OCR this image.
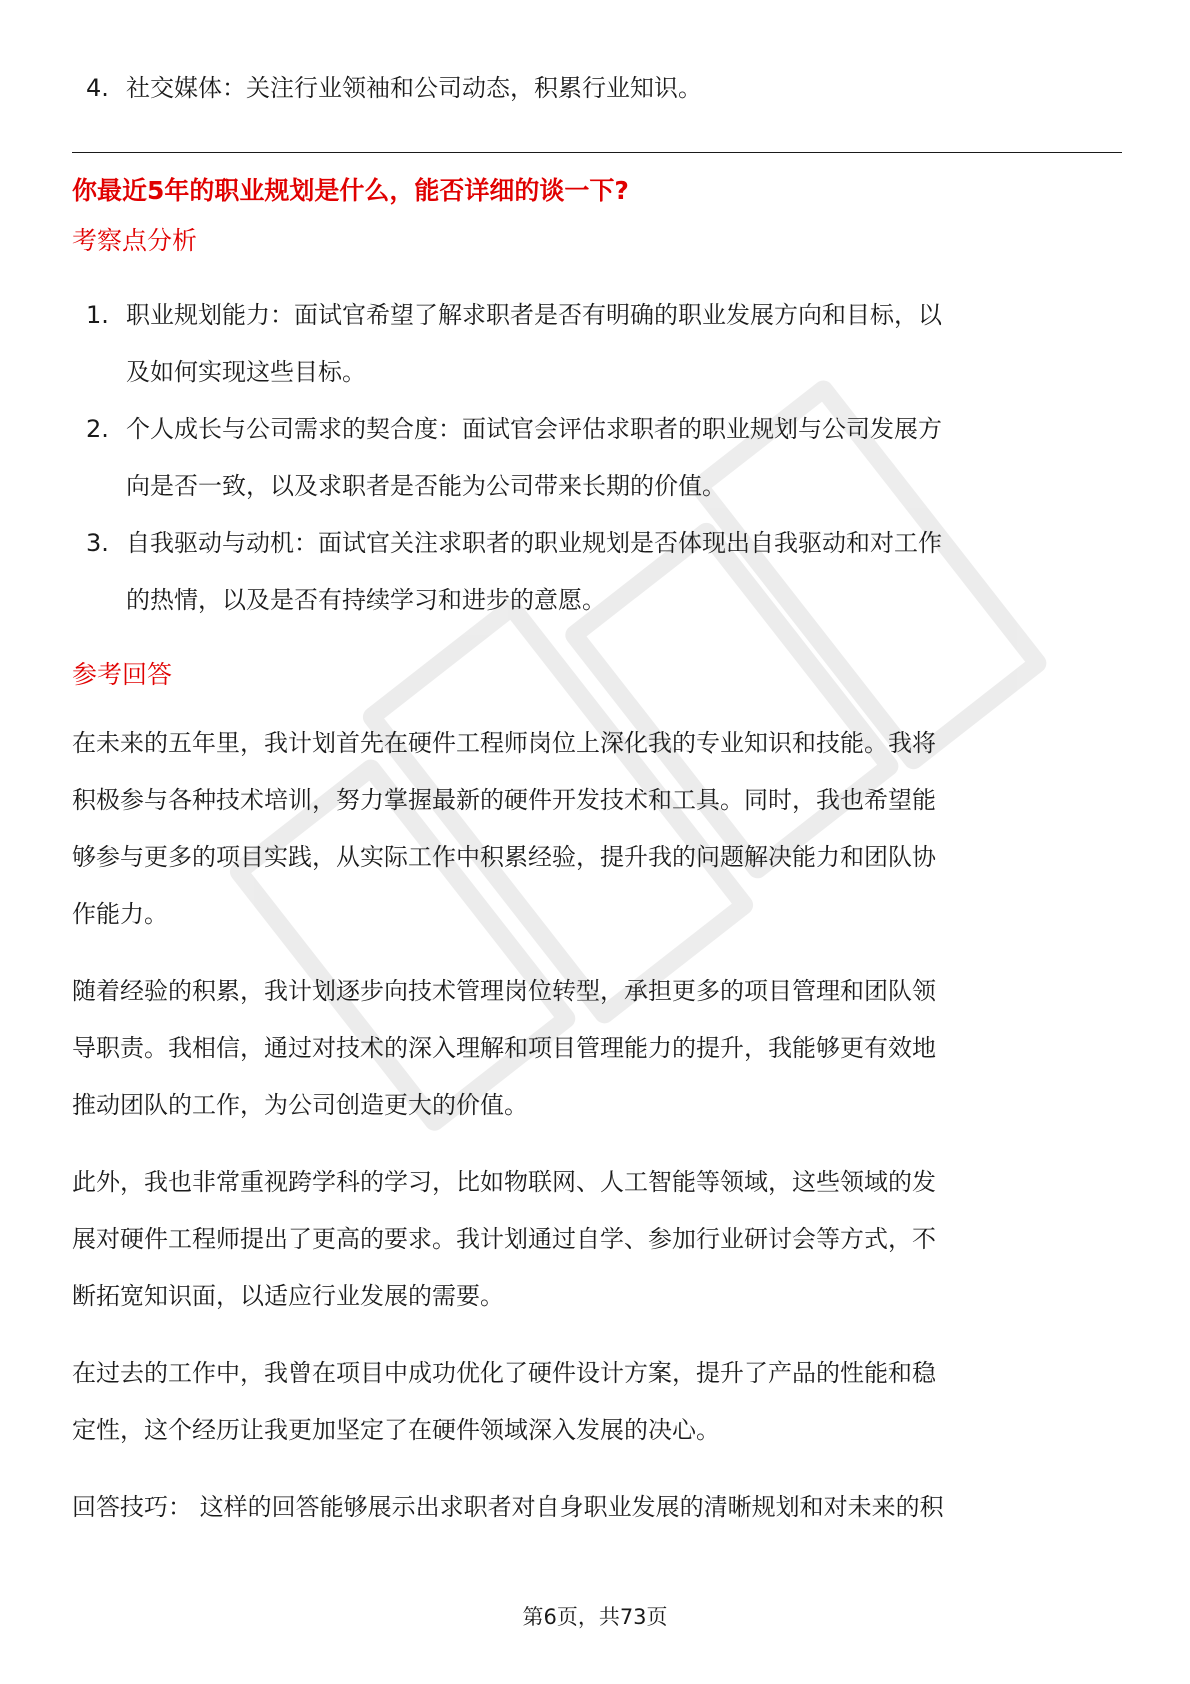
4. 社交媒体：关注行业领袖和公司动态，积累行业知识。
你最近5年的职业规划是什么，能否详细的谈一下?
考察点分析
1. 职业规划能力：面试官希望了解求职者是否有明确的职业发展方向和目标，以
及如何实现这些目标。
2. 个人成长与公司需求的契合度：面试官会评估求职者的职业规划与公司发展方
向是否一致，以及求职者是否能为公司带来长期的价值。
3. 自我驱动与动机：面试官关注求职者的职业规划是否体现出自我驱动和对工作
的热情，以及是否有持续学习和进步的意愿。
参考回答
在未来的五年里，我计划首先在硬件工程师岗位上深化我的专业知识和技能。我将
积极参与各种技术培训，努力掌握最新的硬件开发技术和工具。同时，我也希望能
够参与更多的项目实践，从实际工作中积累经验，提升我的问题解决能力和团队协
作能力。
随着经验的积累，我计划逐步向技术管理岗位转型，承担更多的项目管理和团队领
导职责。我相信，通过对技术的深入理解和项目管理能力的提升，我能够更有效地
推动团队的工作，为公司创造更大的价值。
此外，我也非常重视跨学科的学习，比如物联网、人工智能等领域，这些领域的发
展对硬件工程师提出了更高的要求。我计划通过自学、参加行业研讨会等方式，不
断拓宽知识面，以适应行业发展的需要。
在过去的工作中，我曾在项目中成功优化了硬件设计方案，提升了产品的性能和稳
定性，这个经历让我更加坚定了在硬件领域深入发展的决心。
回答技巧： 这样的回答能够展示出求职者对自身职业发展的清晰规划和对未来的积
第6页，共73页
